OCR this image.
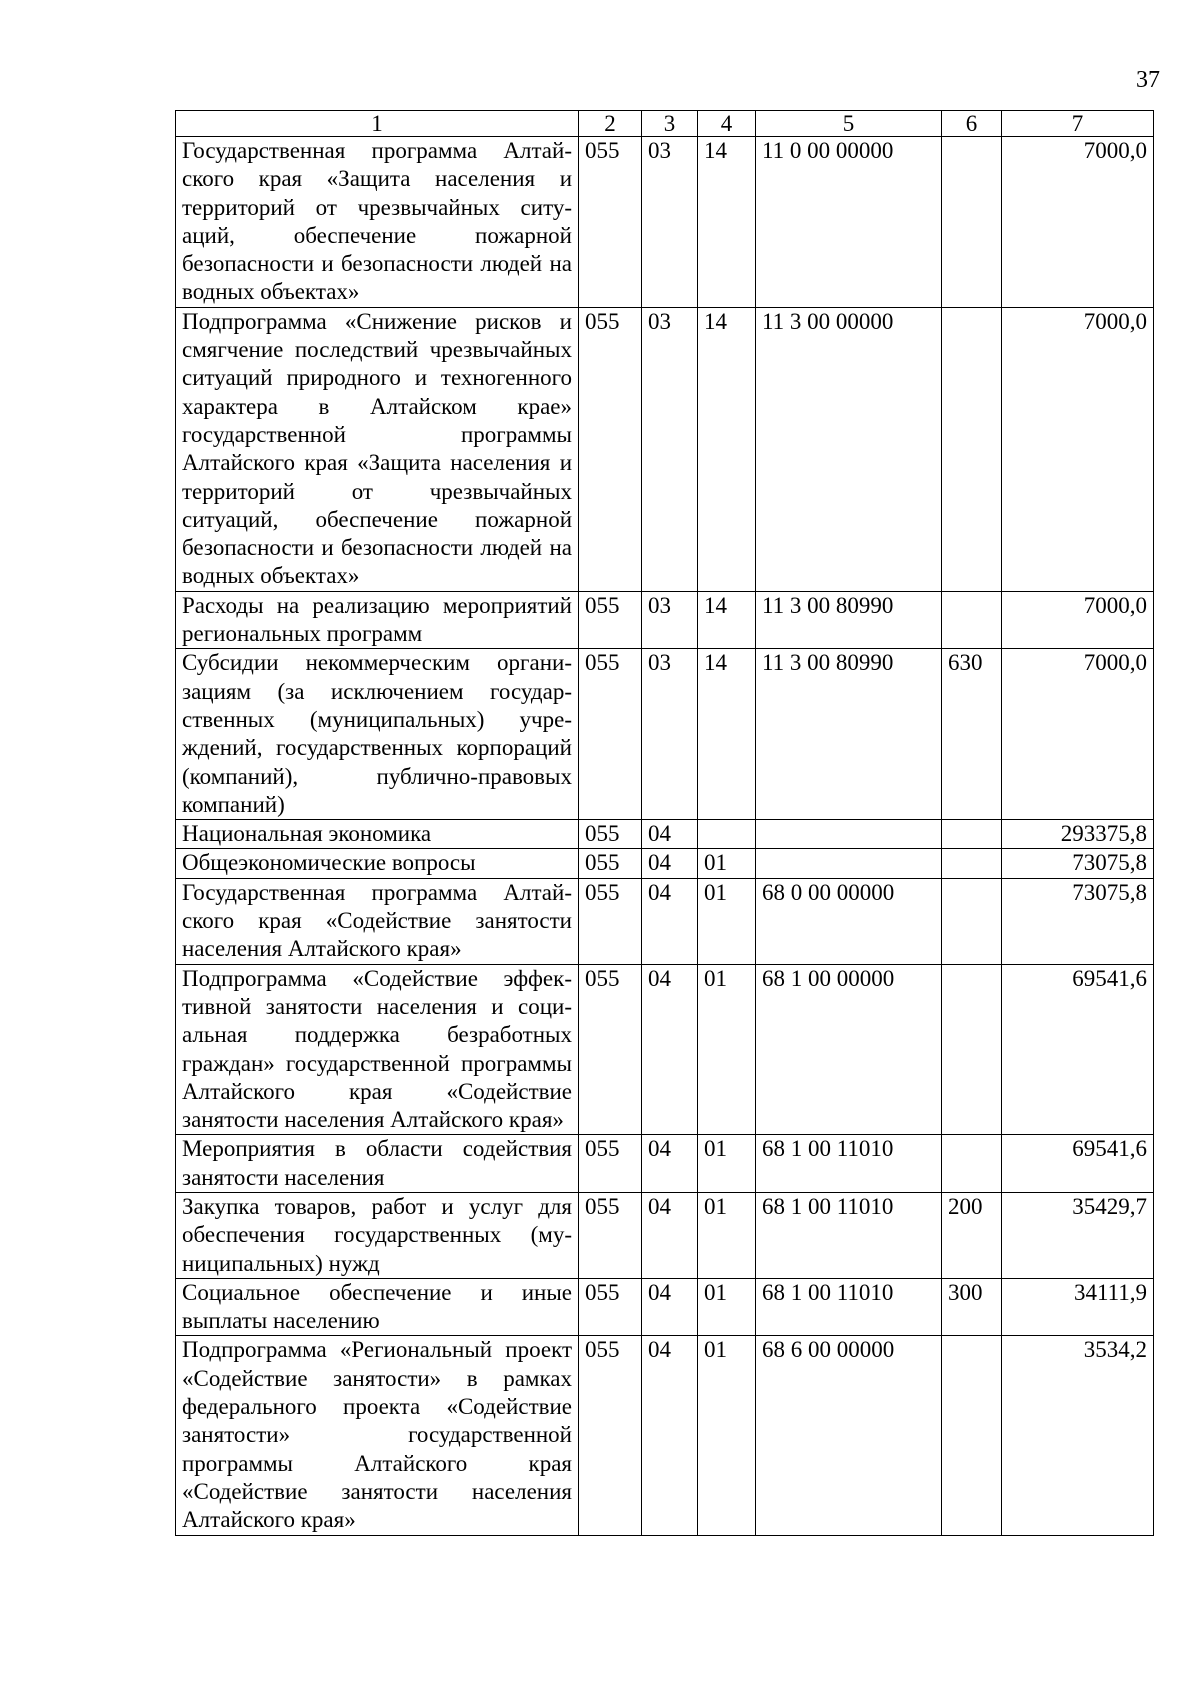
37
1	2	3	4	5	6	7
Государственная программа Алтайского края «Защита населения и территорий от чрезвычайных ситуаций, обеспечение пожарной безопасности и безопасности людей на водных объектах»	055	03	14	11 0 00 00000		7000,0
Подпрограмма «Снижение рисков и смягчение последствий чрезвычайных ситуаций природного и техногенного характера в Алтайском крае» государственной программы Алтайского края «Защита населения и территорий от чрезвычайных ситуаций, обеспечение пожарной безопасности и безопасности людей на водных объектах»	055	03	14	11 3 00 00000		7000,0
Расходы на реализацию мероприятий региональных программ	055	03	14	11 3 00 80990		7000,0
Субсидии некоммерческим организациям (за исключением государственных (муниципальных) учреждений, государственных корпораций (компаний), публично-правовых компаний)	055	03	14	11 3 00 80990	630	7000,0
Национальная экономика	055	04				293375,8
Общеэкономические вопросы	055	04	01			73075,8
Государственная программа Алтайского края «Содействие занятости населения Алтайского края»	055	04	01	68 0 00 00000		73075,8
Подпрограмма «Содействие эффективной занятости населения и социальная поддержка безработных граждан» государственной программы Алтайского края «Содействие занятости населения Алтайского края»	055	04	01	68 1 00 00000		69541,6
Мероприятия в области содействия занятости населения	055	04	01	68 1 00 11010		69541,6
Закупка товаров, работ и услуг для обеспечения государственных (муниципальных) нужд	055	04	01	68 1 00 11010	200	35429,7
Социальное обеспечение и иные выплаты населению	055	04	01	68 1 00 11010	300	34111,9
Подпрограмма «Региональный проект «Содействие занятости» в рамках федерального проекта «Содействие занятости» государственной программы Алтайского края «Содействие занятости населения Алтайского края»	055	04	01	68 6 00 00000		3534,2
